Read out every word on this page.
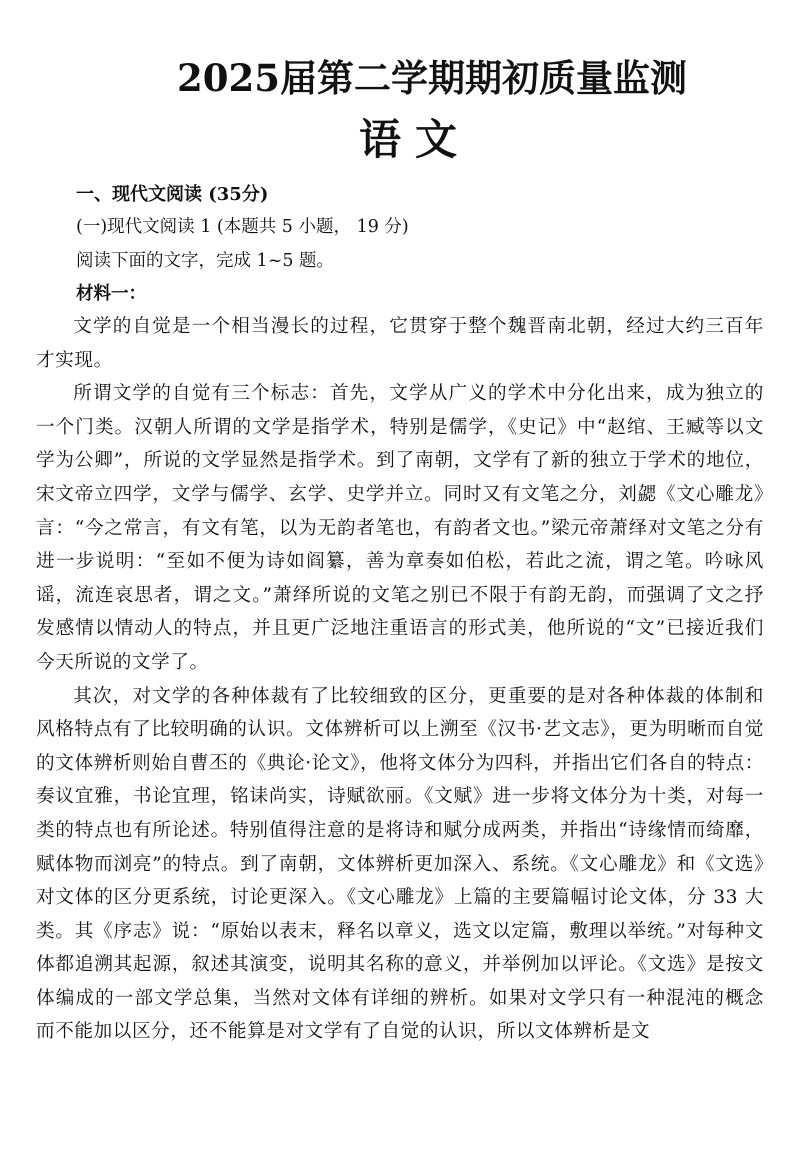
2025届第二学期期初质量监测
语文

一、现代文阅读 (35分)

(一)现代文阅读 1 (本题共 5 小题， 19 分)

阅读下面的文字，完成 1~5 题。

材料一：

文学的自觉是一个相当漫长的过程，它贯穿于整个魏晋南北朝，经过大约三百年才实现。

所谓文学的自觉有三个标志：首先，文学从广义的学术中分化出来，成为独立的一个门类。汉朝人所谓的文学是指学术，特别是儒学，《史记》中“赵绾、王臧等以文学为公卿”，所说的文学显然是指学术。到了南朝，文学有了新的独立于学术的地位，宋文帝立四学，文学与儒学、玄学、史学并立。同时又有文笔之分，刘勰《文心雕龙》言：“今之常言，有文有笔，以为无韵者笔也，有韵者文也。”梁元帝萧绎对文笔之分有进一步说明：“至如不便为诗如阎纂，善为章奏如伯松，若此之流，谓之笔。吟咏风谣，流连哀思者，谓之文。”萧绎所说的文笔之别已不限于有韵无韵，而强调了文之抒发感情以情动人的特点，并且更广泛地注重语言的形式美，他所说的“文”已接近我们今天所说的文学了。

其次，对文学的各种体裁有了比较细致的区分，更重要的是对各种体裁的体制和风格特点有了比较明确的认识。文体辨析可以上溯至《汉书·艺文志》，更为明晰而自觉的文体辨析则始自曹丕的《典论·论文》，他将文体分为四科，并指出它们各自的特点：奏议宜雅，书论宜理，铭诔尚实，诗赋欲丽。《文赋》进一步将文体分为十类，对每一类的特点也有所论述。特别值得注意的是将诗和赋分成两类，并指出“诗缘情而绮靡，赋体物而浏亮”的特点。到了南朝，文体辨析更加深入、系统。《文心雕龙》和《文选》对文体的区分更系统，讨论更深入。《文心雕龙》上篇的主要篇幅讨论文体，分 33 大类。其《序志》说：“原始以表末，释名以章义，选文以定篇，敷理以举统。”对每种文体都追溯其起源，叙述其演变，说明其名称的意义，并举例加以评论。《文选》是按文体编成的一部文学总集，当然对文体有详细的辨析。如果对文学只有一种混沌的概念而不能加以区分，还不能算是对文学有了自觉的认识，所以文体辨析是文
